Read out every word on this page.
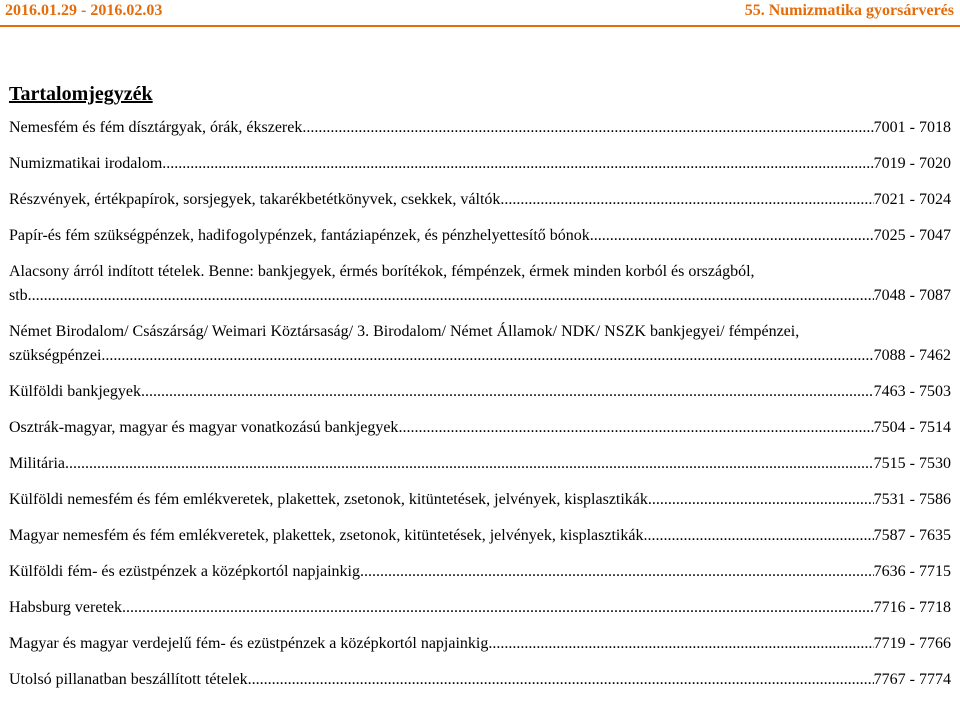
2016.01.29 - 2016.02.03	55. Numizmatika gyorsárverés
Tartalomjegyzék
Nemesfém és fém dísztárgyak, órák, ékszerek .....	7001 - 7018
Numizmatikai irodalom .....	7019 - 7020
Részvények, értékpapírok, sorsjegyek, takarékbetétkönyvek, csekkek, váltók .....	7021 - 7024
Papír-és fém szükségpénzek, hadifogolypénzek, fantáziapénzek, és pénzhelyettesítő bónok .....	7025 - 7047
Alacsony árról indított tételek. Benne: bankjegyek, érmés borítékok, fémpénzek, érmek minden korból és országból,
stb .....	7048 - 7087
Német Birodalom/ Császárság/ Weimari Köztársaság/ 3. Birodalom/ Német Államok/ NDK/ NSZK bankjegyei/ fémpénzei,
szükségpénzei .....	7088 - 7462
Külföldi bankjegyek .....	7463 - 7503
Osztrák-magyar, magyar és magyar vonatkozású bankjegyek .....	7504 - 7514
Militária .....	7515 - 7530
Külföldi nemesfém és fém emlékveretek, plakettek, zsetonok, kitüntetések, jelvények, kisplasztikák .....	7531 - 7586
Magyar nemesfém és fém emlékveretek, plakettek, zsetonok, kitüntetések, jelvények, kisplasztikák .....	7587 - 7635
Külföldi fém- és ezüstpénzek a középkortól napjainkig .....	7636 - 7715
Habsburg veretek .....	7716 - 7718
Magyar és magyar verdejelű fém- és ezüstpénzek a középkortól napjainkig .....	7719 - 7766
Utolsó pillanatban beszállított tételek .....	7767 - 7774
